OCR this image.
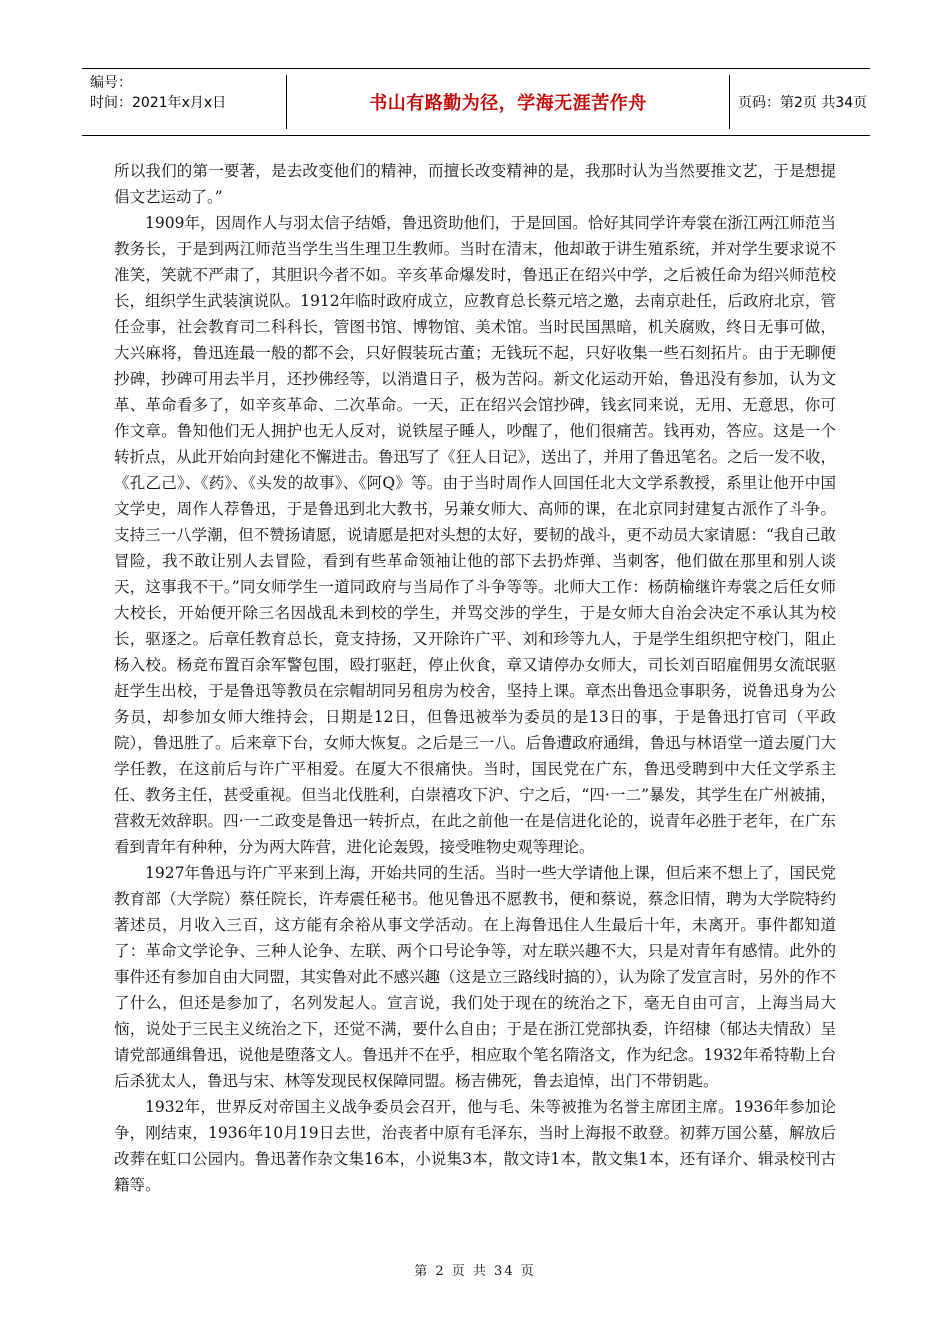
编号：
时间：2021年x月x日	书山有路勤为径，学海无涯苦作舟	页码：第2页 共34页

所以我们的第一要著，是去改变他们的精神，而擅长改变精神的是，我那时认为当然要推文艺，于是想提倡文艺运动了。”

1909年，因周作人与羽太信子结婚，鲁迅资助他们，于是回国。恰好其同学许寿裳在浙江两江师范当教务长，于是到两江师范当学生当生理卫生教师。当时在清末，他却敢于讲生殖系统，并对学生要求说不准笑，笑就不严肃了，其胆识今者不如。辛亥革命爆发时，鲁迅正在绍兴中学，之后被任命为绍兴师范校长，组织学生武装演说队。1912年临时政府成立，应教育总长蔡元培之邀，去南京赴任，后政府北京，管任佥事，社会教育司二科科长，管图书馆、博物馆、美术馆。当时民国黑暗，机关腐败，终日无事可做，大兴麻将，鲁迅连最一般的都不会，只好假装玩古董；无钱玩不起，只好收集一些石刻拓片。由于无聊便抄碑，抄碑可用去半月，还抄佛经等，以消遣日子，极为苦闷。新文化运动开始，鲁迅没有参加，认为文革、革命看多了，如辛亥革命、二次革命。一天，正在绍兴会馆抄碑，钱玄同来说，无用、无意思，你可作文章。鲁知他们无人拥护也无人反对，说铁屋子睡人，吵醒了，他们很痛苦。钱再劝，答应。这是一个转折点，从此开始向封建化不懈进击。鲁迅写了《狂人日记》，送出了，并用了鲁迅笔名。之后一发不收，《孔乙己》、《药》、《头发的故事》、《阿Q》等。由于当时周作人回国任北大文学系教授，系里让他开中国文学史，周作人荐鲁迅，于是鲁迅到北大教书，另兼女师大、高师的课，在北京同封建复古派作了斗争。支持三一八学潮，但不赞扬请愿，说请愿是把对头想的太好，要韧的战斗，更不动员大家请愿：“我自己敢冒险，我不敢让别人去冒险，看到有些革命领袖让他的部下去扔炸弹、当刺客，他们做在那里和别人谈天，这事我不干。”同女师学生一道同政府与当局作了斗争等等。北师大工作：杨荫榆继许寿裳之后任女师大校长，开始便开除三名因战乱未到校的学生，并骂交涉的学生，于是女师大自治会决定不承认其为校长，驱逐之。后章任教育总长，竟支持扬，又开除许广平、刘和珍等九人，于是学生组织把守校门，阻止杨入校。杨竞布置百余军警包围，殴打驱赶，停止伙食，章又请停办女师大，司长刘百昭雇佣男女流氓驱赶学生出校，于是鲁迅等教员在宗帽胡同另租房为校舍，坚持上课。章杰出鲁迅佥事职务，说鲁迅身为公务员，却参加女师大维持会，日期是12日，但鲁迅被举为委员的是13日的事，于是鲁迅打官司（平政院），鲁迅胜了。后来章下台，女师大恢复。之后是三一八。后鲁遭政府通缉，鲁迅与林语堂一道去厦门大学任教，在这前后与许广平相爱。在厦大不很痛快。当时，国民党在广东，鲁迅受聘到中大任文学系主任、教务主任，甚受重视。但当北伐胜利，白崇禧攻下沪、宁之后，“四·一二”暴发，其学生在广州被捕，营救无效辞职。四·一二政变是鲁迅一转折点，在此之前他一在是信进化论的，说青年必胜于老年，在广东看到青年有种种，分为两大阵营，进化论轰毁，接受唯物史观等理论。

1927年鲁迅与许广平来到上海，开始共同的生活。当时一些大学请他上课，但后来不想上了，国民党教育部（大学院）蔡任院长，许寿震任秘书。他见鲁迅不愿教书，便和蔡说，蔡念旧情，聘为大学院特约著述员，月收入三百，这方能有余裕从事文学活动。在上海鲁迅住人生最后十年，未离开。事件都知道了：革命文学论争、三种人论争、左联、两个口号论争等，对左联兴趣不大，只是对青年有感情。此外的事件还有参加自由大同盟，其实鲁对此不感兴趣（这是立三路线时搞的），认为除了发宣言时，另外的作不了什么，但还是参加了，名列发起人。宣言说，我们处于现在的统治之下，毫无自由可言，上海当局大恼，说处于三民主义统治之下，还觉不满，要什么自由；于是在浙江党部执委，许绍棣（郁达夫情敌）呈请党部通缉鲁迅，说他是堕落文人。鲁迅并不在乎，相应取个笔名隋洛文，作为纪念。1932年希特勒上台后杀犹太人，鲁迅与宋、林等发现民权保障同盟。杨吉佛死，鲁去追悼，出门不带钥匙。

1932年，世界反对帝国主义战争委员会召开，他与毛、朱等被推为名誉主席团主席。1936年参加论争，刚结束，1936年10月19日去世，治丧者中原有毛泽东，当时上海报不敢登。初葬万国公墓，解放后改葬在虹口公园内。鲁迅著作杂文集16本，小说集3本，散文诗1本，散文集1本，还有译介、辑录校刊古籍等。

第 2 页 共 34 页
